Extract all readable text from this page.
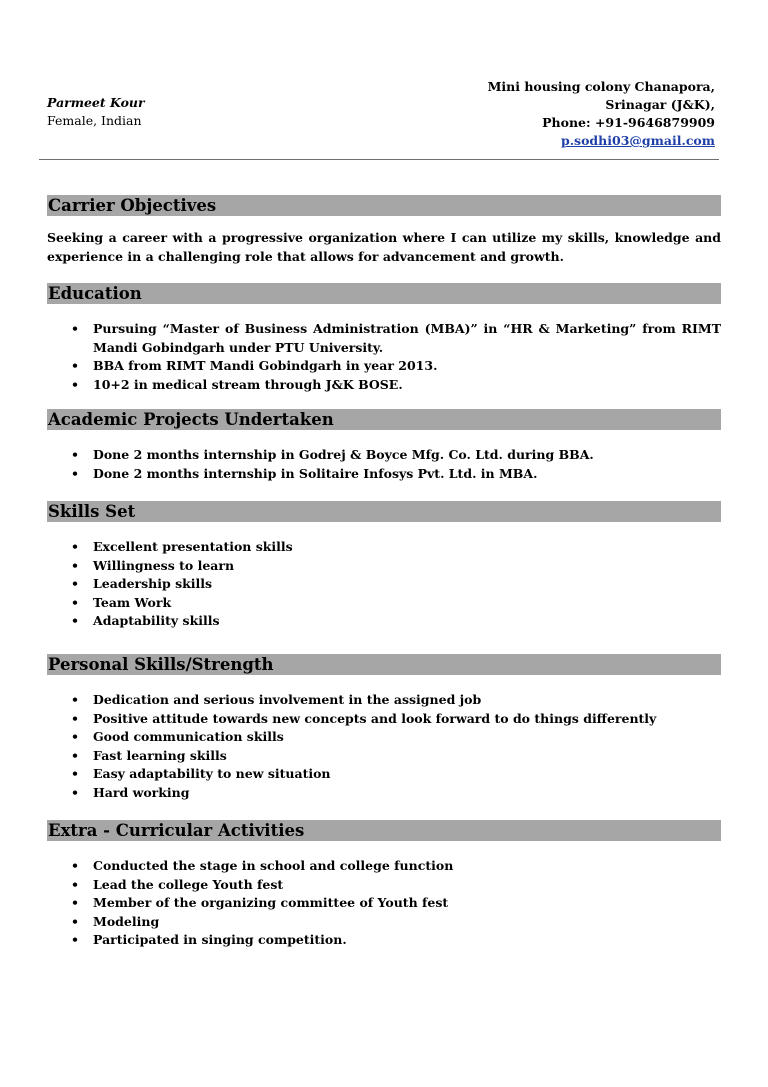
Parmeet Kour
Female, Indian
Mini housing colony Chanapora,
Srinagar (J&K),
Phone: +91-9646879909
p.sodhi03@gmail.com
Carrier Objectives
Seeking a career with a progressive organization where I can utilize my skills, knowledge and experience in a challenging role that allows for advancement and growth.
Education
• Pursuing “Master of Business Administration (MBA)” in “HR & Marketing” from RIMT Mandi Gobindgarh under PTU University.
• BBA from RIMT Mandi Gobindgarh in year 2013.
• 10+2 in medical stream through J&K BOSE.
Academic Projects Undertaken
• Done 2 months internship in Godrej & Boyce Mfg. Co. Ltd. during BBA.
• Done 2 months internship in Solitaire Infosys Pvt. Ltd. in MBA.
Skills Set
• Excellent presentation skills
• Willingness to learn
• Leadership skills
• Team Work
• Adaptability skills
Personal Skills/Strength
• Dedication and serious involvement in the assigned job
• Positive attitude towards new concepts and look forward to do things differently
• Good communication skills
• Fast learning skills
• Easy adaptability to new situation
• Hard working
Extra - Curricular Activities
• Conducted the stage in school and college function
• Lead the college Youth fest
• Member of the organizing committee of Youth fest
• Modeling
• Participated in singing competition.
